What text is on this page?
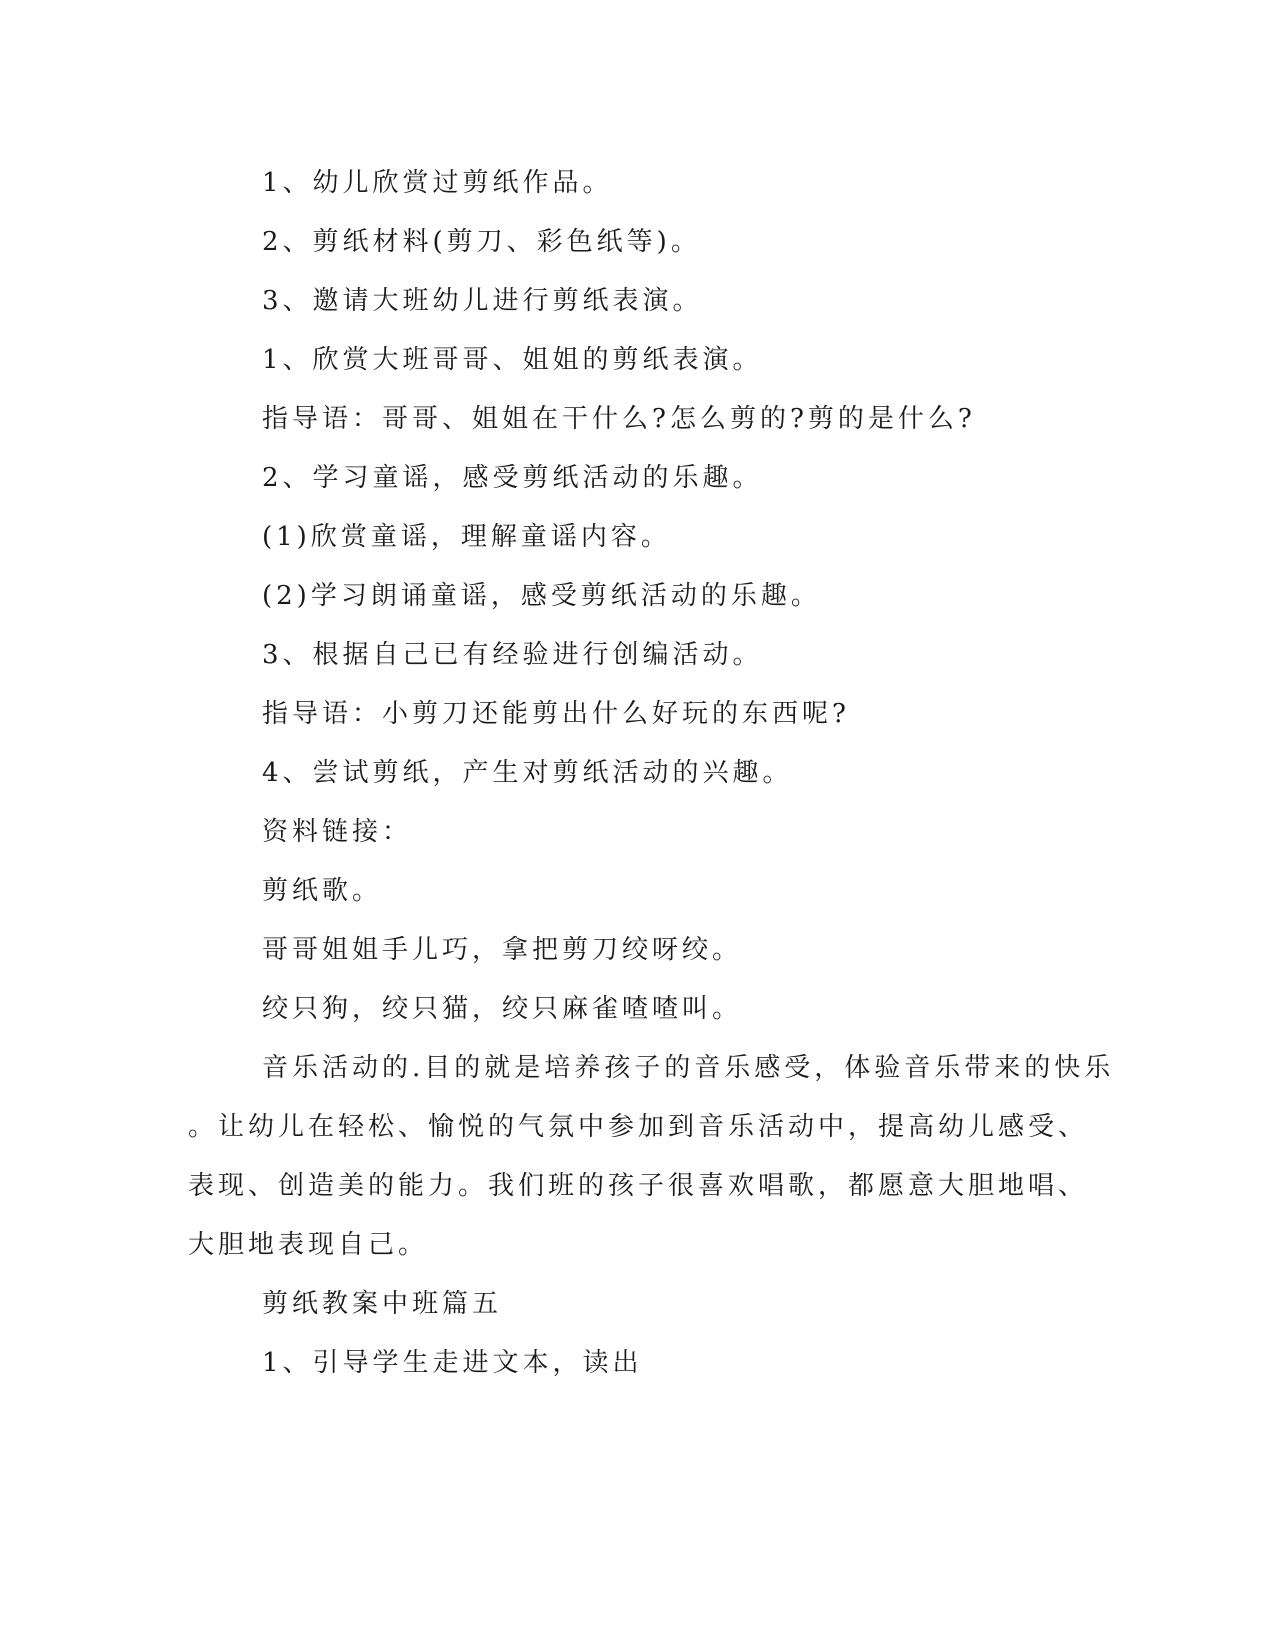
1、幼儿欣赏过剪纸作品。
2、剪纸材料(剪刀、彩色纸等)。
3、邀请大班幼儿进行剪纸表演。
1、欣赏大班哥哥、姐姐的剪纸表演。
指导语：哥哥、姐姐在干什么?怎么剪的?剪的是什么?
2、学习童谣，感受剪纸活动的乐趣。
(1)欣赏童谣，理解童谣内容。
(2)学习朗诵童谣，感受剪纸活动的乐趣。
3、根据自己已有经验进行创编活动。
指导语：小剪刀还能剪出什么好玩的东西呢?
4、尝试剪纸，产生对剪纸活动的兴趣。
资料链接：
剪纸歌。
哥哥姐姐手儿巧，拿把剪刀绞呀绞。
绞只狗，绞只猫，绞只麻雀喳喳叫。
音乐活动的.目的就是培养孩子的音乐感受，体验音乐带来的快乐
。让幼儿在轻松、愉悦的气氛中参加到音乐活动中，提高幼儿感受、
表现、创造美的能力。我们班的孩子很喜欢唱歌，都愿意大胆地唱、
大胆地表现自己。
剪纸教案中班篇五
1、引导学生走进文本，读出
